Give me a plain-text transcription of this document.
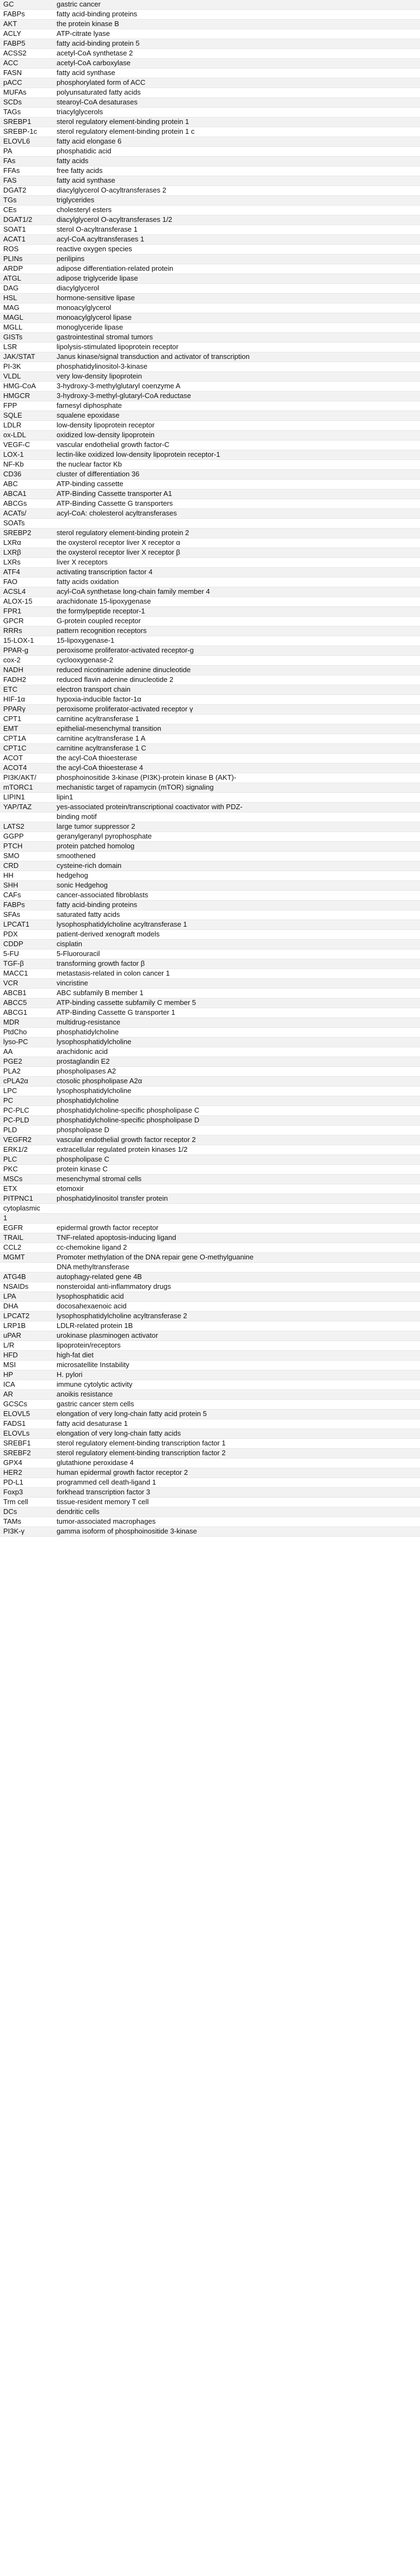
GC	gastric cancer
FABPs	fatty acid-binding proteins
AKT	the protein kinase B
ACLY	ATP-citrate lyase
FABP5	fatty acid-binding protein 5
ACSS2	acetyl-CoA synthetase 2
ACC	acetyl-CoA carboxylase
FASN	fatty acid synthase
pACC	phosphorylated form of ACC
MUFAs	polyunsaturated fatty acids
SCDs	stearoyl-CoA desaturases
TAGs	triacylglycerols
SREBP1	sterol regulatory element-binding protein 1
SREBP-1c	sterol regulatory element-binding protein 1 c
ELOVL6	fatty acid elongase 6
PA	phosphatidic acid
FAs	fatty acids
FFAs	free fatty acids
FAS	fatty acid synthase
DGAT2	diacylglycerol O-acyltransferases 2
TGs	triglycerides
CEs	cholesteryl esters
DGAT1/2	diacylglycerol O-acyltransferases 1/2
SOAT1	sterol O-acyltransferase 1
ACAT1	acyl-CoA acyltransferases 1
ROS	reactive oxygen species
PLINs	perilipins
ARDP	adipose differentiation-related protein
ATGL	adipose triglyceride lipase
DAG	diacylglycerol
HSL	hormone-sensitive lipase
MAG	monoacylglycerol
MAGL	monoacylglycerol lipase
MGLL	monoglyceride lipase
GISTs	gastrointestinal stromal tumors
LSR	lipolysis-stimulated lipoprotein receptor
JAK/STAT	Janus kinase/signal transduction and activator of transcription
PI-3K	phosphatidylinositol-3-kinase
VLDL	very low-density lipoprotein
HMG-CoA	3-hydroxy-3-methylglutaryl coenzyme A
HMGCR	3-hydroxy-3-methyl-glutaryl-CoA reductase
FPP	farnesyl diphosphate
SQLE	squalene epoxidase
LDLR	low-density lipoprotein receptor
ox-LDL	oxidized low-density lipoprotein
VEGF-C	vascular endothelial growth factor-C
LOX-1	lectin-like oxidized low-density lipoprotein receptor-1
NF-Kb	the nuclear factor Kb
CD36	cluster of differentiation 36
ABC	ATP-binding cassette
ABCA1	ATP-Binding Cassette transporter A1
ABCGs	ATP-Binding Cassette G transporters
ACATs/	acyl-CoA: cholesterol acyltransferases
SOATs	
SREBP2	sterol regulatory element-binding protein 2
LXRα	the oxysterol receptor liver X receptor α
LXRβ	the oxysterol receptor liver X receptor β
LXRs	liver X receptors
ATF4	activating transcription factor 4
FAO	fatty acids oxidation
ACSL4	acyl-CoA synthetase long-chain family member 4
ALOX-15	arachidonate 15-lipoxygenase
FPR1	the formylpeptide receptor-1
GPCR	G-protein coupled receptor
RRRs	pattern recognition receptors
15-LOX-1	15-lipoxygenase-1
PPAR-g	peroxisome proliferator-activated receptor-g
cox-2	cyclooxygenase-2
NADH	reduced nicotinamide adenine dinucleotide
FADH2	reduced flavin adenine dinucleotide 2
ETC	electron transport chain
HIF-1α	hypoxia-inducible factor-1α
PPARγ	peroxisome proliferator-activated receptor γ
CPT1	carnitine acyltransferase 1
EMT	epithelial-mesenchymal transition
CPT1A	carnitine acyltransferase 1 A
CPT1C	carnitine acyltransferase 1 C
ACOT	the acyl-CoA thioesterase
ACOT4	the acyl-CoA thioesterase 4
PI3K/AKT/	phosphoinositide 3-kinase (PI3K)-protein kinase B (AKT)-
mTORC1	mechanistic target of rapamycin (mTOR) signaling
LIPIN1	lipin1
YAP/TAZ	yes-associated protein/transcriptional coactivator with PDZ-
	binding motif
LATS2	large tumor suppressor 2
GGPP	geranylgeranyl pyrophosphate
PTCH	protein patched homolog
SMO	smoothened
CRD	cysteine-rich domain
HH	hedgehog
SHH	sonic Hedgehog
CAFs	cancer-associated fibroblasts
FABPs	fatty acid-binding proteins
SFAs	saturated fatty acids
LPCAT1	lysophosphatidylcholine acyltransferase 1
PDX	patient-derived xenograft models
CDDP	cisplatin
5-FU	5-Fluorouracil
TGF-β	transforming growth factor β
MACC1	metastasis-related in colon cancer 1
VCR	vincristine
ABCB1	ABC subfamily B member 1
ABCC5	ATP-binding cassette subfamily C member 5
ABCG1	ATP-Binding Cassette G transporter 1
MDR	multidrug-resistance
PtdCho	phosphatidylcholine
lyso-PC	lysophosphatidylcholine
AA	arachidonic acid
PGE2	prostaglandin E2
PLA2	phospholipases A2
cPLA2α	ctosolic phospholipase A2α
LPC	lysophosphatidylcholine
PC	phosphatidylcholine
PC-PLC	phosphatidylcholine-specific phospholipase C
PC-PLD	phosphatidylcholine-specific phospholipase D
PLD	phospholipase D
VEGFR2	vascular endothelial growth factor receptor 2
ERK1/2	extracellular regulated protein kinases 1/2
PLC	phospholipase C
PKC	protein kinase C
MSCs	mesenchymal stromal cells
ETX	etomoxir
PITPNC1	phosphatidylinositol transfer protein
cytoplasmic	
1	
EGFR	epidermal growth factor receptor
TRAIL	TNF-related apoptosis-inducing ligand
CCL2	cc-chemokine ligand 2
MGMT	Promoter methylation of the DNA repair gene O-methylguanine
	DNA methyltransferase
ATG4B	autophagy-related gene 4B
NSAIDs	nonsteroidal anti-inflammatory drugs
LPA	lysophosphatidic acid
DHA	docosahexaenoic acid
LPCAT2	lysophosphatidylcholine acyltransferase 2
LRP1B	LDLR-related protein 1B
uPAR	urokinase plasminogen activator
L/R	lipoprotein/receptors
HFD	high-fat diet
MSI	microsatellite Instability
HP	H. pylori
ICA	immune cytolytic activity
AR	anoikis resistance
GCSCs	gastric cancer stem cells
ELOVL5	elongation of very long-chain fatty acid protein 5
FADS1	fatty acid desaturase 1
ELOVLs	elongation of very long-chain fatty acids
SREBF1	sterol regulatory element-binding transcription factor 1
SREBF2	sterol regulatory element-binding transcription factor 2
GPX4	glutathione peroxidase 4
HER2	human epidermal growth factor receptor 2
PD-L1	programmed cell death-ligand 1
Foxp3	forkhead transcription factor 3
Trm cell	tissue-resident memory T cell
DCs	dendritic cells
TAMs	tumor-associated macrophages
PI3K-γ	gamma isoform of phosphoinositide 3-kinase
